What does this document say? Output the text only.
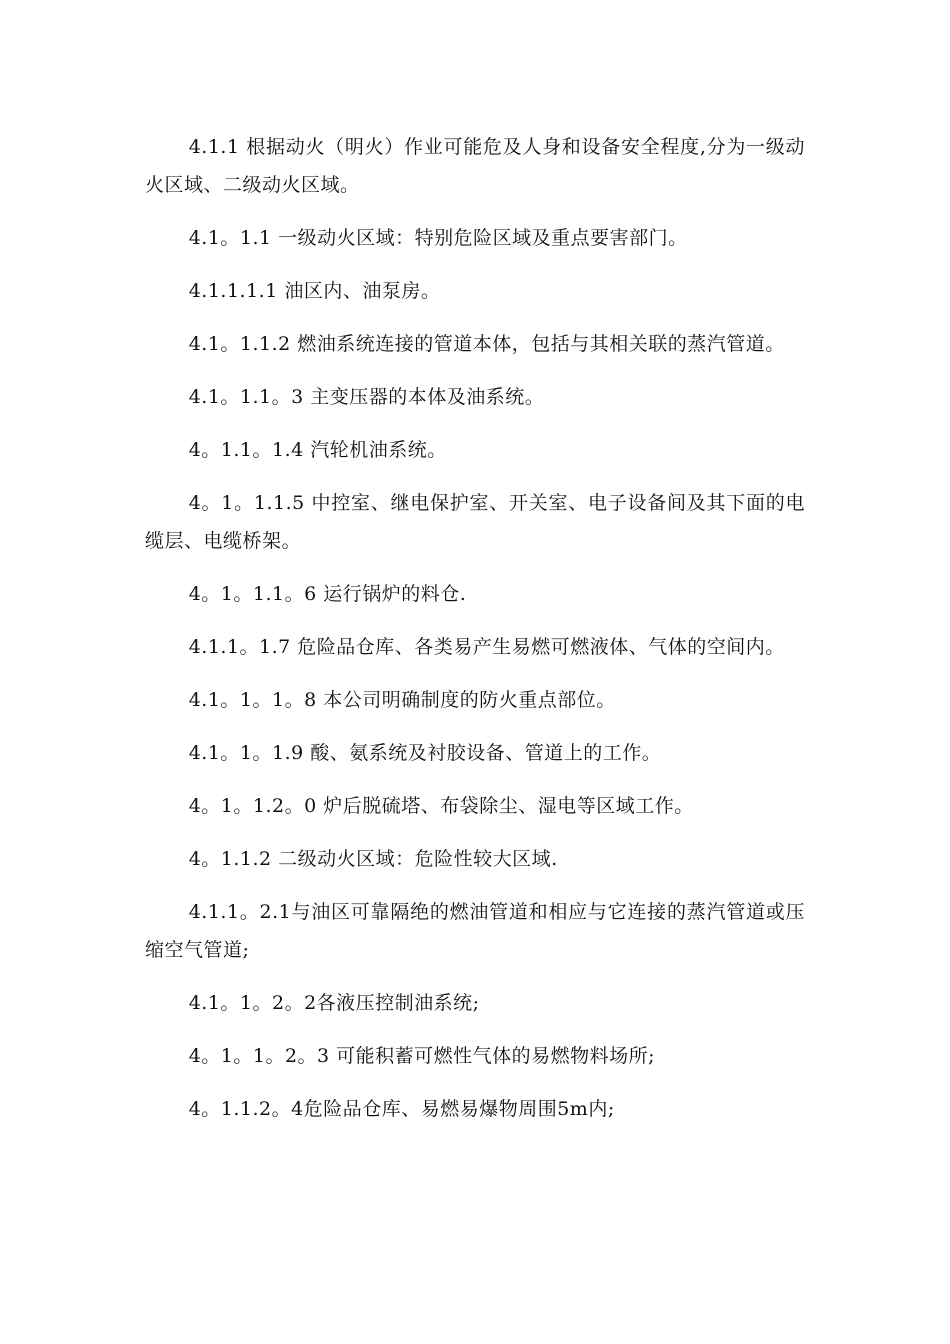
4.1.1 根据动火（明火）作业可能危及人身和设备安全程度,分为一级动火区域、二级动火区域。

4.1。1.1 一级动火区域：特别危险区域及重点要害部门。

4.1.1.1.1 油区内、油泵房。

4.1。1.1.2 燃油系统连接的管道本体，包括与其相关联的蒸汽管道。

4.1。1.1。3 主变压器的本体及油系统。

4。1.1。1.4 汽轮机油系统。

4。1。1.1.5 中控室、继电保护室、开关室、电子设备间及其下面的电缆层、电缆桥架。

4。1。1.1。6 运行锅炉的料仓.

4.1.1。1.7 危险品仓库、各类易产生易燃可燃液体、气体的空间内。

4.1。1。1。8 本公司明确制度的防火重点部位。

4.1。1。1.9 酸、氨系统及衬胶设备、管道上的工作。

4。1。1.2。0 炉后脱硫塔、布袋除尘、湿电等区域工作。

4。1.1.2 二级动火区域：危险性较大区域.

4.1.1。2.1与油区可靠隔绝的燃油管道和相应与它连接的蒸汽管道或压缩空气管道;

4.1。1。2。2各液压控制油系统;

4。1。1。2。3 可能积蓄可燃性气体的易燃物料场所;

4。1.1.2。4危险品仓库、易燃易爆物周围5m内;
